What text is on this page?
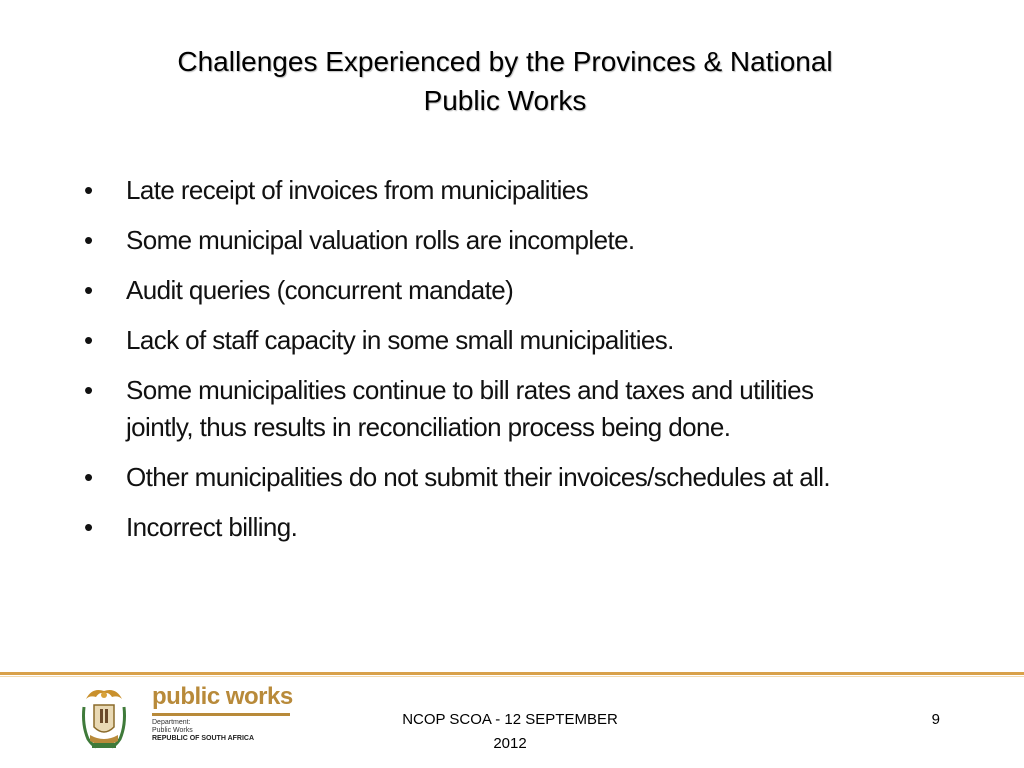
Challenges Experienced by the Provinces & National
Public Works
•	Late receipt of invoices from municipalities
•	Some municipal valuation rolls are incomplete.
•	Audit queries (concurrent mandate)
•	Lack of staff capacity in some small municipalities.
•	Some municipalities continue to bill rates and taxes and utilities
jointly, thus results in reconciliation process being done.
•	Other municipalities do not submit their invoices/schedules at all.
•	Incorrect billing.
public works
Department:
Public Works
REPUBLIC OF SOUTH AFRICA
NCOP SCOA - 12 SEPTEMBER
2012
9
